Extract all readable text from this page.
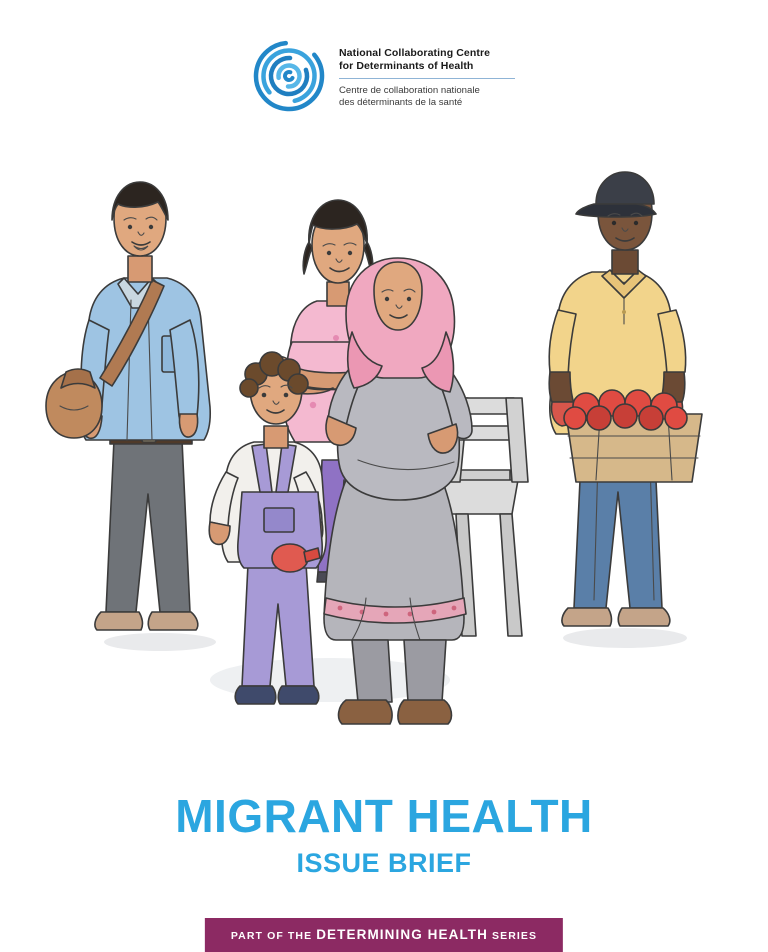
National Collaborating Centre
for Determinants of Health
Centre de collaboration nationale
des déterminants de la santé
MIGRANT HEALTH
ISSUE BRIEF
PART OF THE DETERMINING HEALTH SERIES
